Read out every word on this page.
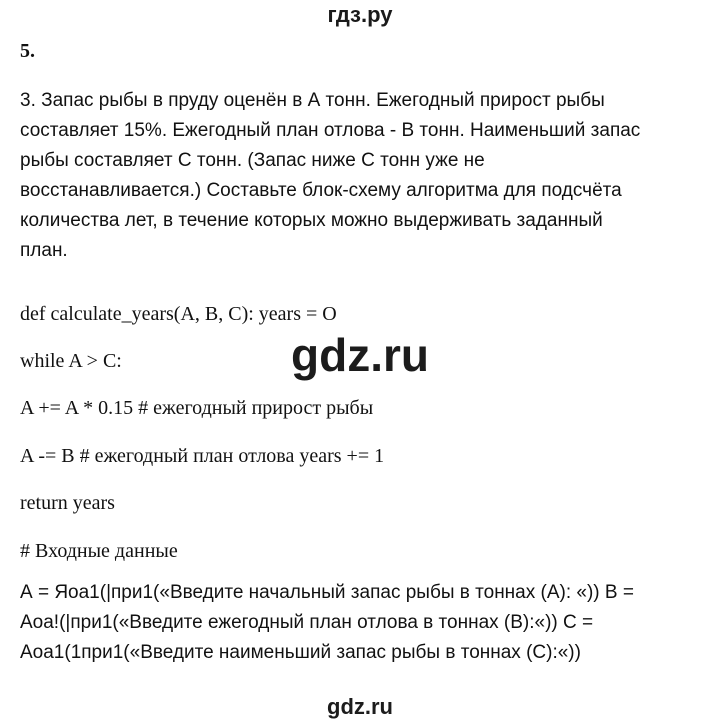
гдз.ру
5.

3. Запас рыбы в пруду оценён в А тонн. Ежегодный прирост рыбы
составляет 15%. Ежегодный план отлова - В тонн. Наименьший запас
рыбы составляет С тонн. (Запас ниже С тонн уже не
восстанавливается.) Составьте блок-схему алгоритма для подсчёта
количества лет, в течение которых можно выдерживать заданный
план.

def calculate_years(A, B, C): years = O
while A > C:
A += A * 0.15 # ежегодный прирост рыбы
A -= В # ежегодный план отлова years += 1
return years
# Входные данные
А = Яоа1(|при1(«Введите начальный запас рыбы в тоннах (А): «)) В =
Аоа!(|при1(«Введите ежегодный план отлова в тоннах (В):«)) С =
Аоа1(1при1(«Введите наименьший запас рыбы в тоннах (С):«))
gdz.ru
gdz.ru
